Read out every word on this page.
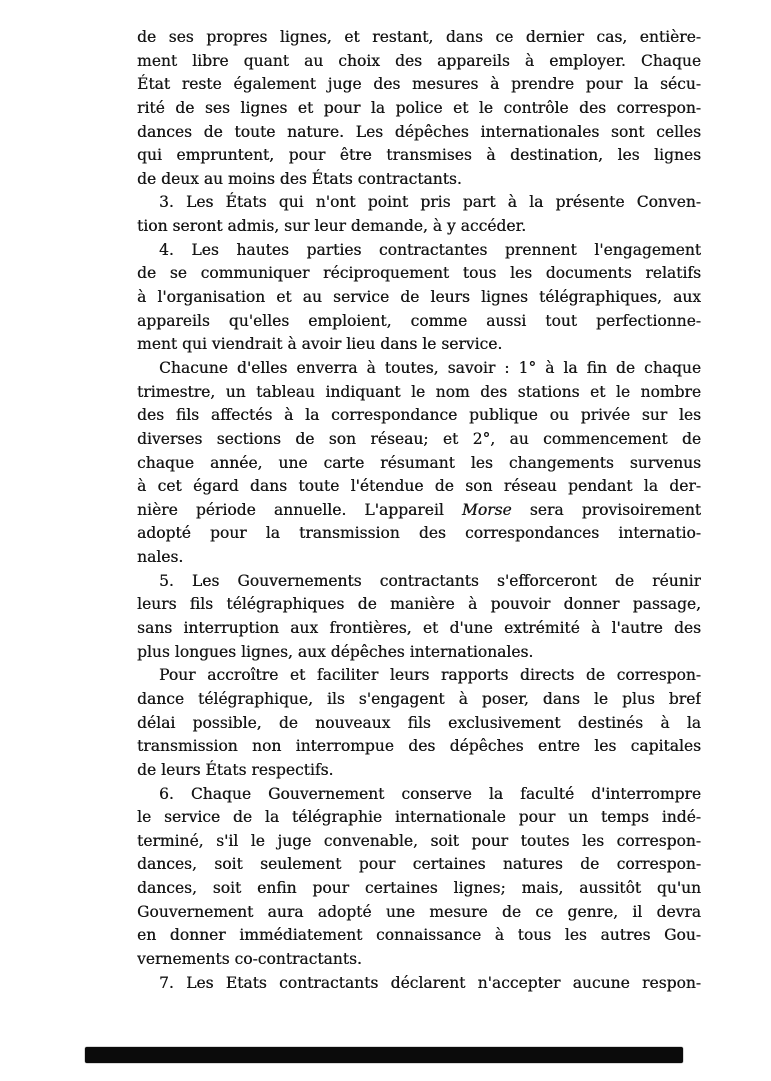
de ses propres lignes, et restant, dans ce dernier cas, entière-
ment libre quant au choix des appareils à employer. Chaque
État reste également juge des mesures à prendre pour la sécu-
rité de ses lignes et pour la police et le contrôle des correspon-
dances de toute nature. Les dépêches internationales sont celles
qui empruntent, pour être transmises à destination, les lignes
de deux au moins des États contractants.
3. Les États qui n'ont point pris part à la présente Conven-
tion seront admis, sur leur demande, à y accéder.
4. Les hautes parties contractantes prennent l'engagement
de se communiquer réciproquement tous les documents relatifs
à l'organisation et au service de leurs lignes télégraphiques, aux
appareils qu'elles emploient, comme aussi tout perfectionne-
ment qui viendrait à avoir lieu dans le service.
Chacune d'elles enverra à toutes, savoir : 1° à la fin de chaque
trimestre, un tableau indiquant le nom des stations et le nombre
des fils affectés à la correspondance publique ou privée sur les
diverses sections de son réseau; et 2°, au commencement de
chaque année, une carte résumant les changements survenus
à cet égard dans toute l'étendue de son réseau pendant la der-
nière période annuelle. L'appareil Morse sera provisoirement
adopté pour la transmission des correspondances internatio-
nales.
5. Les Gouvernements contractants s'efforceront de réunir
leurs fils télégraphiques de manière à pouvoir donner passage,
sans interruption aux frontières, et d'une extrémité à l'autre des
plus longues lignes, aux dépêches internationales.
Pour accroître et faciliter leurs rapports directs de correspon-
dance télégraphique, ils s'engagent à poser, dans le plus bref
délai possible, de nouveaux fils exclusivement destinés à la
transmission non interrompue des dépêches entre les capitales
de leurs États respectifs.
6. Chaque Gouvernement conserve la faculté d'interrompre
le service de la télégraphie internationale pour un temps indé-
terminé, s'il le juge convenable, soit pour toutes les correspon-
dances, soit seulement pour certaines natures de correspon-
dances, soit enfin pour certaines lignes; mais, aussitôt qu'un
Gouvernement aura adopté une mesure de ce genre, il devra
en donner immédiatement connaissance à tous les autres Gou-
vernements co-contractants.
7. Les Etats contractants déclarent n'accepter aucune respon-
